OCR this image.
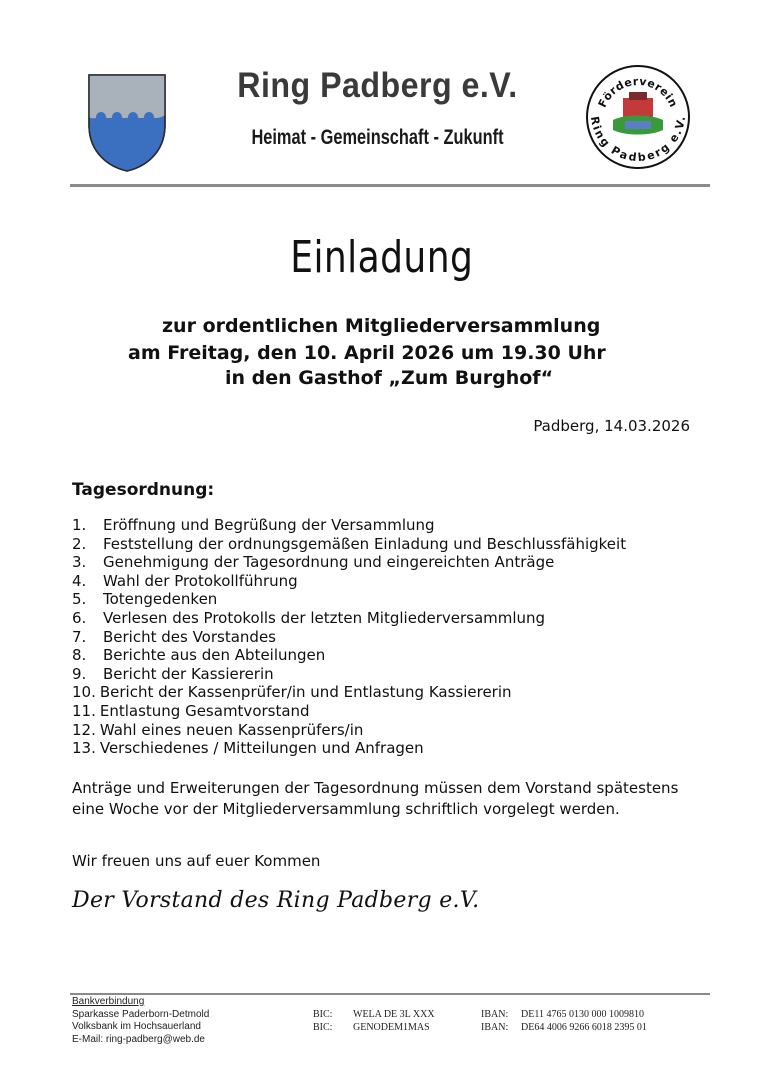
Ring Padberg e.V.
Heimat - Gemeinschaft - Zukunft
Förderverein
Ring Padberg e.V.
Einladung
zur ordentlichen Mitgliederversammlung
am Freitag, den 10. April 2026 um 19.30 Uhr
in den Gasthof „Zum Burghof“
Padberg, 14.03.2026
Tagesordnung:
1. Eröffnung und Begrüßung der Versammlung
2. Feststellung der ordnungsgemäßen Einladung und Beschlussfähigkeit
3. Genehmigung der Tagesordnung und eingereichten Anträge
4. Wahl der Protokollführung
5. Totengedenken
6. Verlesen des Protokolls der letzten Mitgliederversammlung
7. Bericht des Vorstandes
8. Berichte aus den Abteilungen
9. Bericht der Kassiererin
10. Bericht der Kassenprüfer/in und Entlastung Kassiererin
11. Entlastung Gesamtvorstand
12. Wahl eines neuen Kassenprüfers/in
13. Verschiedenes / Mitteilungen und Anfragen
Anträge und Erweiterungen der Tagesordnung müssen dem Vorstand spätestens eine Woche vor der Mitgliederversammlung schriftlich vorgelegt werden.
Wir freuen uns auf euer Kommen
Der Vorstand des Ring Padberg e.V.
Bankverbindung
Sparkasse Paderborn-Detmold
Volksbank im Hochsauerland
E-Mail: ring-padberg@web.de
BIC: WELA DE 3L XXX
BIC: GENODEM1MAS
IBAN: DE11 4765 0130 000 1009810
IBAN: DE64 4006 9266 6018 2395 01
